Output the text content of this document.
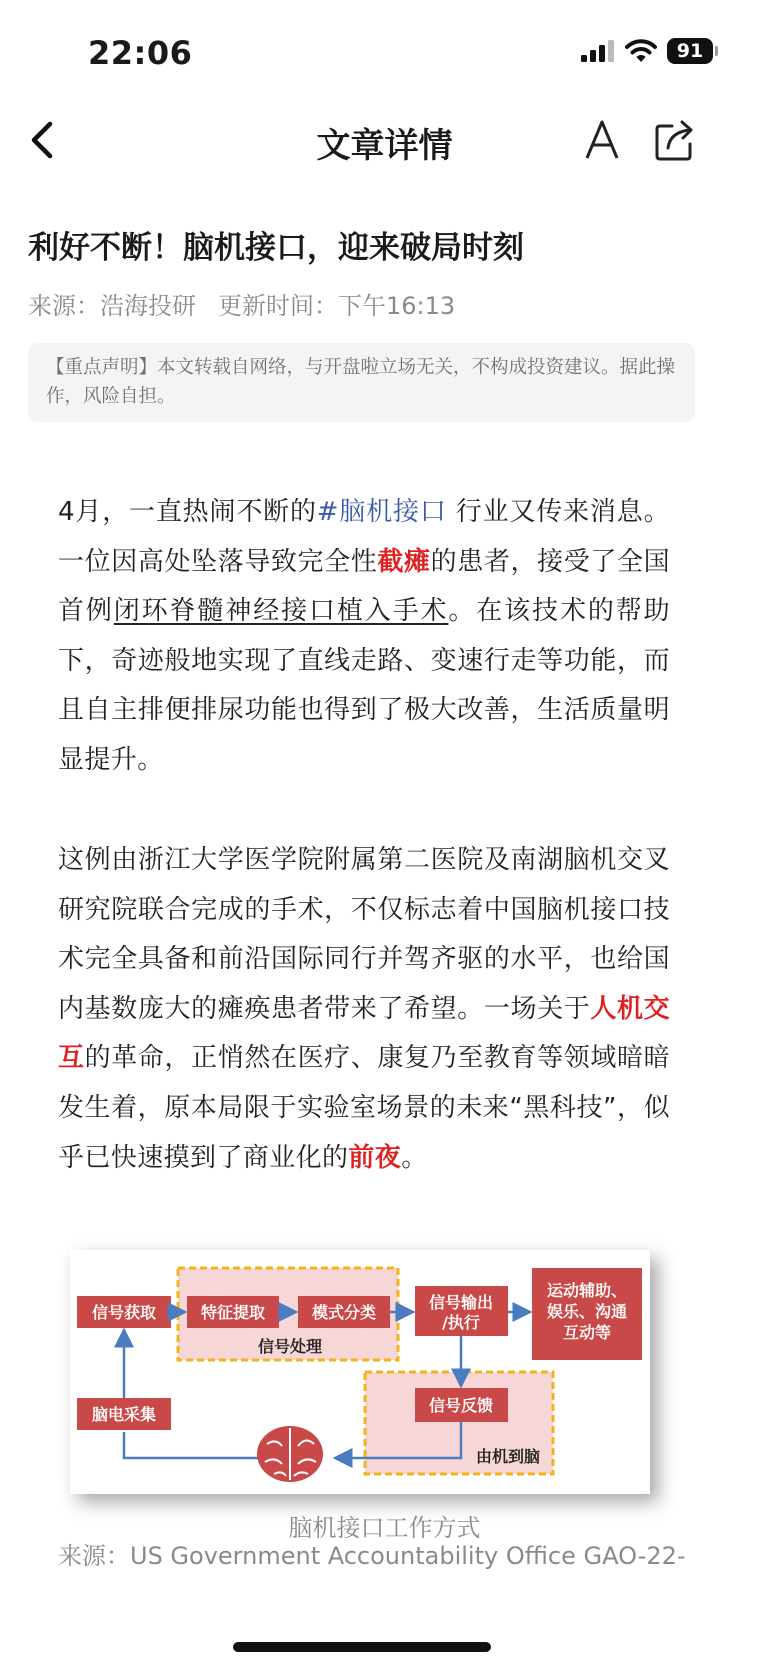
22:06	91
文章详情
利好不断！脑机接口，迎来破局时刻
来源：浩海投研 更新时间：下午16:13
【重点声明】本文转载自网络，与开盘啦立场无关，不构成投资建议。据此操作，风险自担。
4月，一直热闹不断的#脑机接口 行业又传来消息。一位因高处坠落导致完全性截瘫的患者，接受了全国首例闭环脊髓神经接口植入手术。在该技术的帮助下，奇迹般地实现了直线走路、变速行走等功能，而且自主排便排尿功能也得到了极大改善，生活质量明显提升。
这例由浙江大学医学院附属第二医院及南湖脑机交叉研究院联合完成的手术，不仅标志着中国脑机接口技术完全具备和前沿国际同行并驾齐驱的水平，也给国内基数庞大的瘫痪患者带来了希望。一场关于人机交互的革命，正悄然在医疗、康复乃至教育等领域暗暗发生着，原本局限于实验室场景的未来“黑科技”，似乎已快速摸到了商业化的前夜。
信号获取	特征提取	模式分类
信号处理
信号输出
/执行
运动辅助、
娱乐、沟通
互动等
脑电采集	信号反馈
由机到脑
脑机接口工作方式
来源：US Government Accountability Office GAO-22-
